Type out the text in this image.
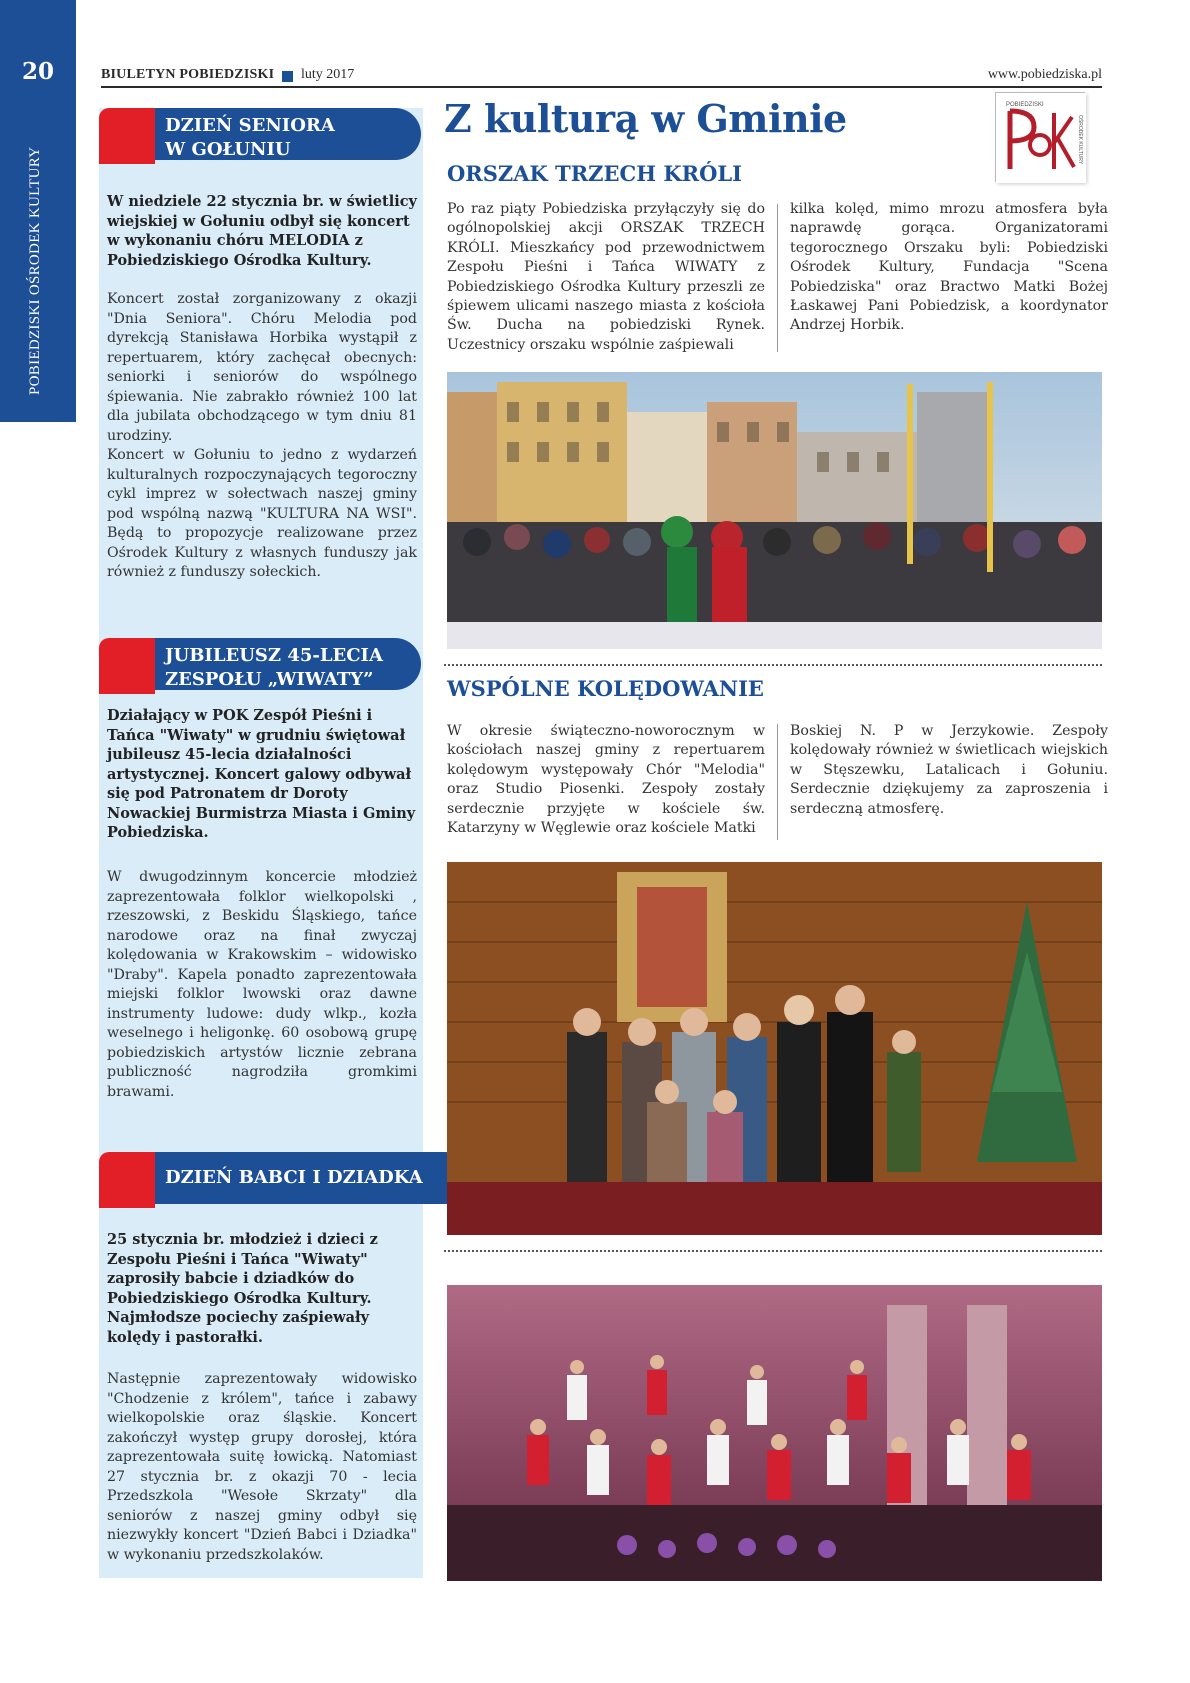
20
POBIEDZISKI OŚRODEK KULTURY
BIULETYN POBIEDZISKI luty 2017	www.pobiedziska.pl
DZIEŃ SENIORA
W GOŁUNIU
W niedziele 22 stycznia br. w świetlicy wiejskiej w Gołuniu odbył się koncert w wykonaniu chóru MELODIA z Pobiedziskiego Ośrodka Kultury.

Koncert został zorganizowany z okazji "Dnia Seniora". Chóru Melodia pod dyrekcją Stanisława Horbika wystąpił z repertuarem, który zachęcał obecnych: seniorki i seniorów do wspólnego śpiewania. Nie zabrakło również 100 lat dla jubilata obchodzącego w tym dniu 81 urodziny.

Koncert w Gołuniu to jedno z wydarzeń kulturalnych rozpoczynających tegoroczny cykl imprez w sołectwach naszej gminy pod wspólną nazwą "KULTURA NA WSI". Będą to propozycje realizowane przez Ośrodek Kultury z własnych funduszy jak również z funduszy sołeckich.

JUBILEUSZ 45-LECIA
ZESPOŁU „WIWATY”
Działający w POK Zespół Pieśni i Tańca "Wiwaty" w grudniu świętował jubileusz 45-lecia działalności artystycznej. Koncert galowy odbywał się pod Patronatem dr Doroty Nowackiej Burmistrza Miasta i Gminy Pobiedziska.

W dwugodzinnym koncercie młodzież zaprezentowała folklor wielkopolski , rzeszowski, z Beskidu Śląskiego, tańce narodowe oraz na finał zwyczaj kolędowania w Krakowskim – widowisko "Draby". Kapela ponadto zaprezentowała miejski folklor lwowski oraz dawne instrumenty ludowe: dudy wlkp., kozła weselnego i heligonkę. 60 osobową grupę pobiedziskich artystów licznie zebrana publiczność nagrodziła gromkimi brawami.

DZIEŃ BABCI I DZIADKA
25 stycznia br. młodzież i dzieci z Zespołu Pieśni i Tańca "Wiwaty" zaprosiły babcie i dziadków do Pobiedziskiego Ośrodka Kultury. Najmłodsze pociechy zaśpiewały kolędy i pastorałki.

Następnie zaprezentowały widowisko "Chodzenie z królem", tańce i zabawy wielkopolskie oraz śląskie. Koncert zakończył występ grupy dorosłej, która zaprezentowała suitę łowicką. Natomiast 27 stycznia br. z okazji 70 - lecia Przedszkola "Wesołe Skrzaty" dla seniorów z naszej gminy odbył się niezwykły koncert "Dzień Babci i Dziadka" w wykonaniu przedszkolaków.

Z kulturą w Gminie
ORSZAK TRZECH KRÓLI
POBIEDZISKI
OŚRODEK KULTURY
Po raz piąty Pobiedziska przyłączyły się do ogólnopolskiej akcji ORSZAK TRZECH KRÓLI. Mieszkańcy pod przewodnictwem Zespołu Pieśni i Tańca WIWATY z Pobiedziskiego Ośrodka Kultury przeszli ze śpiewem ulicami naszego miasta z kościoła Św. Ducha na pobiedziski Rynek. Uczestnicy orszaku wspólnie zaśpiewali
kilka kolęd, mimo mrozu atmosfera była naprawdę gorąca. Organizatorami tegorocznego Orszaku byli: Pobiedziski Ośrodek Kultury, Fundacja "Scena Pobiedziska" oraz Bractwo Matki Bożej Łaskawej Pani Pobiedzisk, a koordynator Andrzej Horbik.
WSPÓLNE KOLĘDOWANIE
W okresie świąteczno-noworocznym w kościołach naszej gminy z repertuarem kolędowym występowały Chór "Melodia" oraz Studio Piosenki. Zespoły zostały serdecznie przyjęte w kościele św. Katarzyny w Węglewie oraz kościele Matki
Boskiej N. P w Jerzykowie. Zespoły kolędowały również w świetlicach wiejskich w Stęszewku, Latalicach i Gołuniu. Serdecznie dziękujemy za zaproszenia i serdeczną atmosferę.
